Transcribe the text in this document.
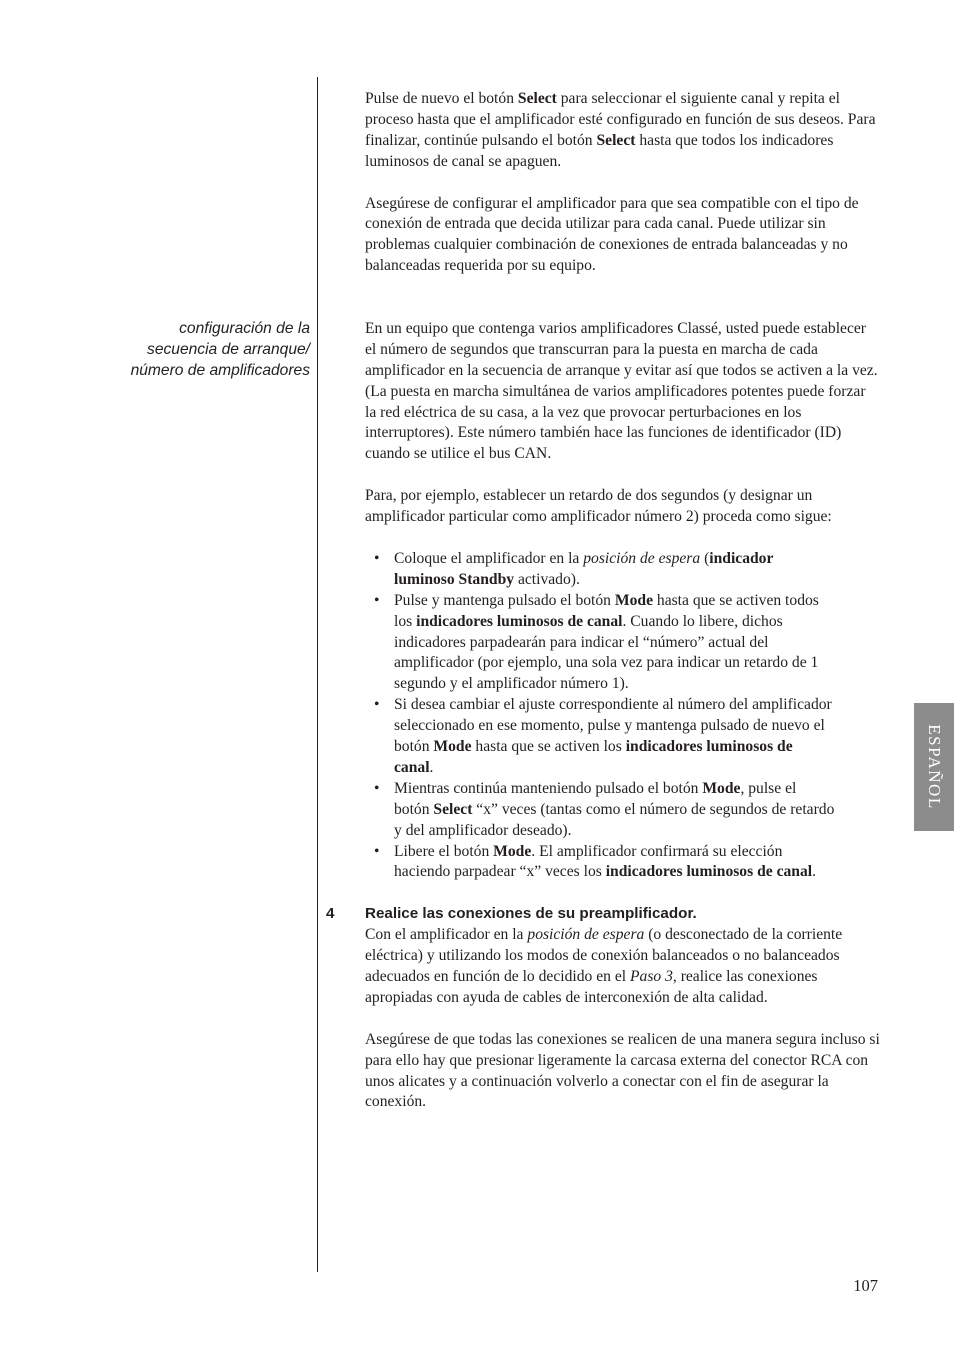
configuración de la
secuencia de arranque/
número de amplificadores

Pulse de nuevo el botón Select para seleccionar el siguiente canal y repita el proceso hasta que el amplificador esté configurado en función de sus deseos. Para finalizar, continúe pulsando el botón Select hasta que todos los indicadores luminosos de canal se apaguen.

Asegúrese de configurar el amplificador para que sea compatible con el tipo de conexión de entrada que decida utilizar para cada canal. Puede utilizar sin problemas cualquier combinación de conexiones de entrada balanceadas y no balanceadas requerida por su equipo.

En un equipo que contenga varios amplificadores Classé, usted puede establecer el número de segundos que transcurran para la puesta en marcha de cada amplificador en la secuencia de arranque y evitar así que todos se activen a la vez. (La puesta en marcha simultánea de varios amplificadores potentes puede forzar la red eléctrica de su casa, a la vez que provocar perturbaciones en los interruptores). Este número también hace las funciones de identificador (ID) cuando se utilice el bus CAN.

Para, por ejemplo, establecer un retardo de dos segundos (y designar un amplificador particular como amplificador número 2) proceda como sigue:

• Coloque el amplificador en la posición de espera (indicador luminoso Standby activado).
• Pulse y mantenga pulsado el botón Mode hasta que se activen todos los indicadores luminosos de canal. Cuando lo libere, dichos indicadores parpadearán para indicar el “número” actual del amplificador (por ejemplo, una sola vez para indicar un retardo de 1 segundo y el amplificador número 1).
• Si desea cambiar el ajuste correspondiente al número del amplificador seleccionado en ese momento, pulse y mantenga pulsado de nuevo el botón Mode hasta que se activen los indicadores luminosos de canal.
• Mientras continúa manteniendo pulsado el botón Mode, pulse el botón Select “x” veces (tantas como el número de segundos de retardo y del amplificador deseado).
• Libere el botón Mode. El amplificador confirmará su elección haciendo parpadear “x” veces los indicadores luminosos de canal.
4 Realice las conexiones de su preamplificador.

Con el amplificador en la posición de espera (o desconectado de la corriente eléctrica) y utilizando los modos de conexión balanceados o no balanceados adecuados en función de lo decidido en el Paso 3, realice las conexiones apropiadas con ayuda de cables de interconexión de alta calidad.

Asegúrese de que todas las conexiones se realicen de una manera segura incluso si para ello hay que presionar ligeramente la carcasa externa del conector RCA con unos alicates y a continuación volverlo a conectar con el fin de asegurar la conexión.

ESPAÑOL
107
